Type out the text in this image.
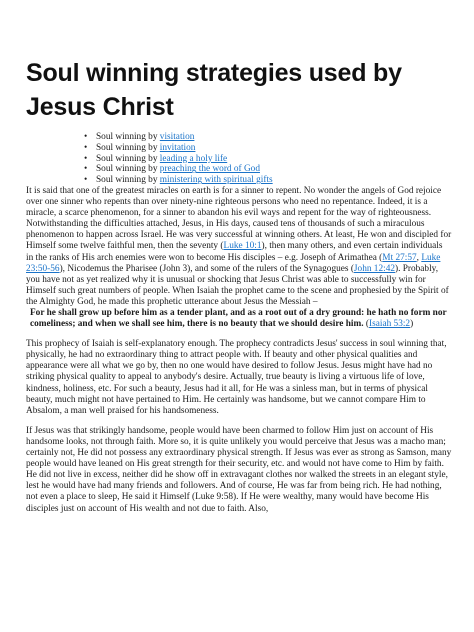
Soul winning strategies used by Jesus Christ
• Soul winning by visitation
• Soul winning by invitation
• Soul winning by leading a holy life
• Soul winning by preaching the word of God
• Soul winning by ministering with spiritual gifts

It is said that one of the greatest miracles on earth is for a sinner to repent. No wonder the angels of God rejoice over one sinner who repents than over ninety-nine righteous persons who need no repentance. Indeed, it is a miracle, a scarce phenomenon, for a sinner to abandon his evil ways and repent for the way of righteousness. Notwithstanding the difficulties attached, Jesus, in His days, caused tens of thousands of such a miraculous phenomenon to happen across Israel. He was very successful at winning others. At least, He won and discipled for Himself some twelve faithful men, then the seventy (Luke 10:1), then many others, and even certain individuals in the ranks of His arch enemies were won to become His disciples – e.g. Joseph of Arimathea (Mt 27:57, Luke 23:50-56), Nicodemus the Pharisee (John 3), and some of the rulers of the Synagogues (John 12:42). Probably, you have not as yet realized why it is unusual or shocking that Jesus Christ was able to successfully win for Himself such great numbers of people. When Isaiah the prophet came to the scene and prophesied by the Spirit of the Almighty God, he made this prophetic utterance about Jesus the Messiah –

For he shall grow up before him as a tender plant, and as a root out of a dry ground: he hath no form nor comeliness; and when we shall see him, there is no beauty that we should desire him. (Isaiah 53:2)

This prophecy of Isaiah is self-explanatory enough. The prophecy contradicts Jesus' success in soul winning that, physically, he had no extraordinary thing to attract people with. If beauty and other physical qualities and appearance were all what we go by, then no one would have desired to follow Jesus. Jesus might have had no striking physical quality to appeal to anybody's desire. Actually, true beauty is living a virtuous life of love, kindness, holiness, etc. For such a beauty, Jesus had it all, for He was a sinless man, but in terms of physical beauty, much might not have pertained to Him. He certainly was handsome, but we cannot compare Him to Absalom, a man well praised for his handsomeness.

If Jesus was that strikingly handsome, people would have been charmed to follow Him just on account of His handsome looks, not through faith. More so, it is quite unlikely you would perceive that Jesus was a macho man; certainly not, He did not possess any extraordinary physical strength. If Jesus was ever as strong as Samson, many people would have leaned on His great strength for their security, etc. and would not have come to Him by faith. He did not live in excess, neither did he show off in extravagant clothes nor walked the streets in an elegant style, lest he would have had many friends and followers. And of course, He was far from being rich. He had nothing, not even a place to sleep, He said it Himself (Luke 9:58). If He were wealthy, many would have become His disciples just on account of His wealth and not due to faith. Also,
